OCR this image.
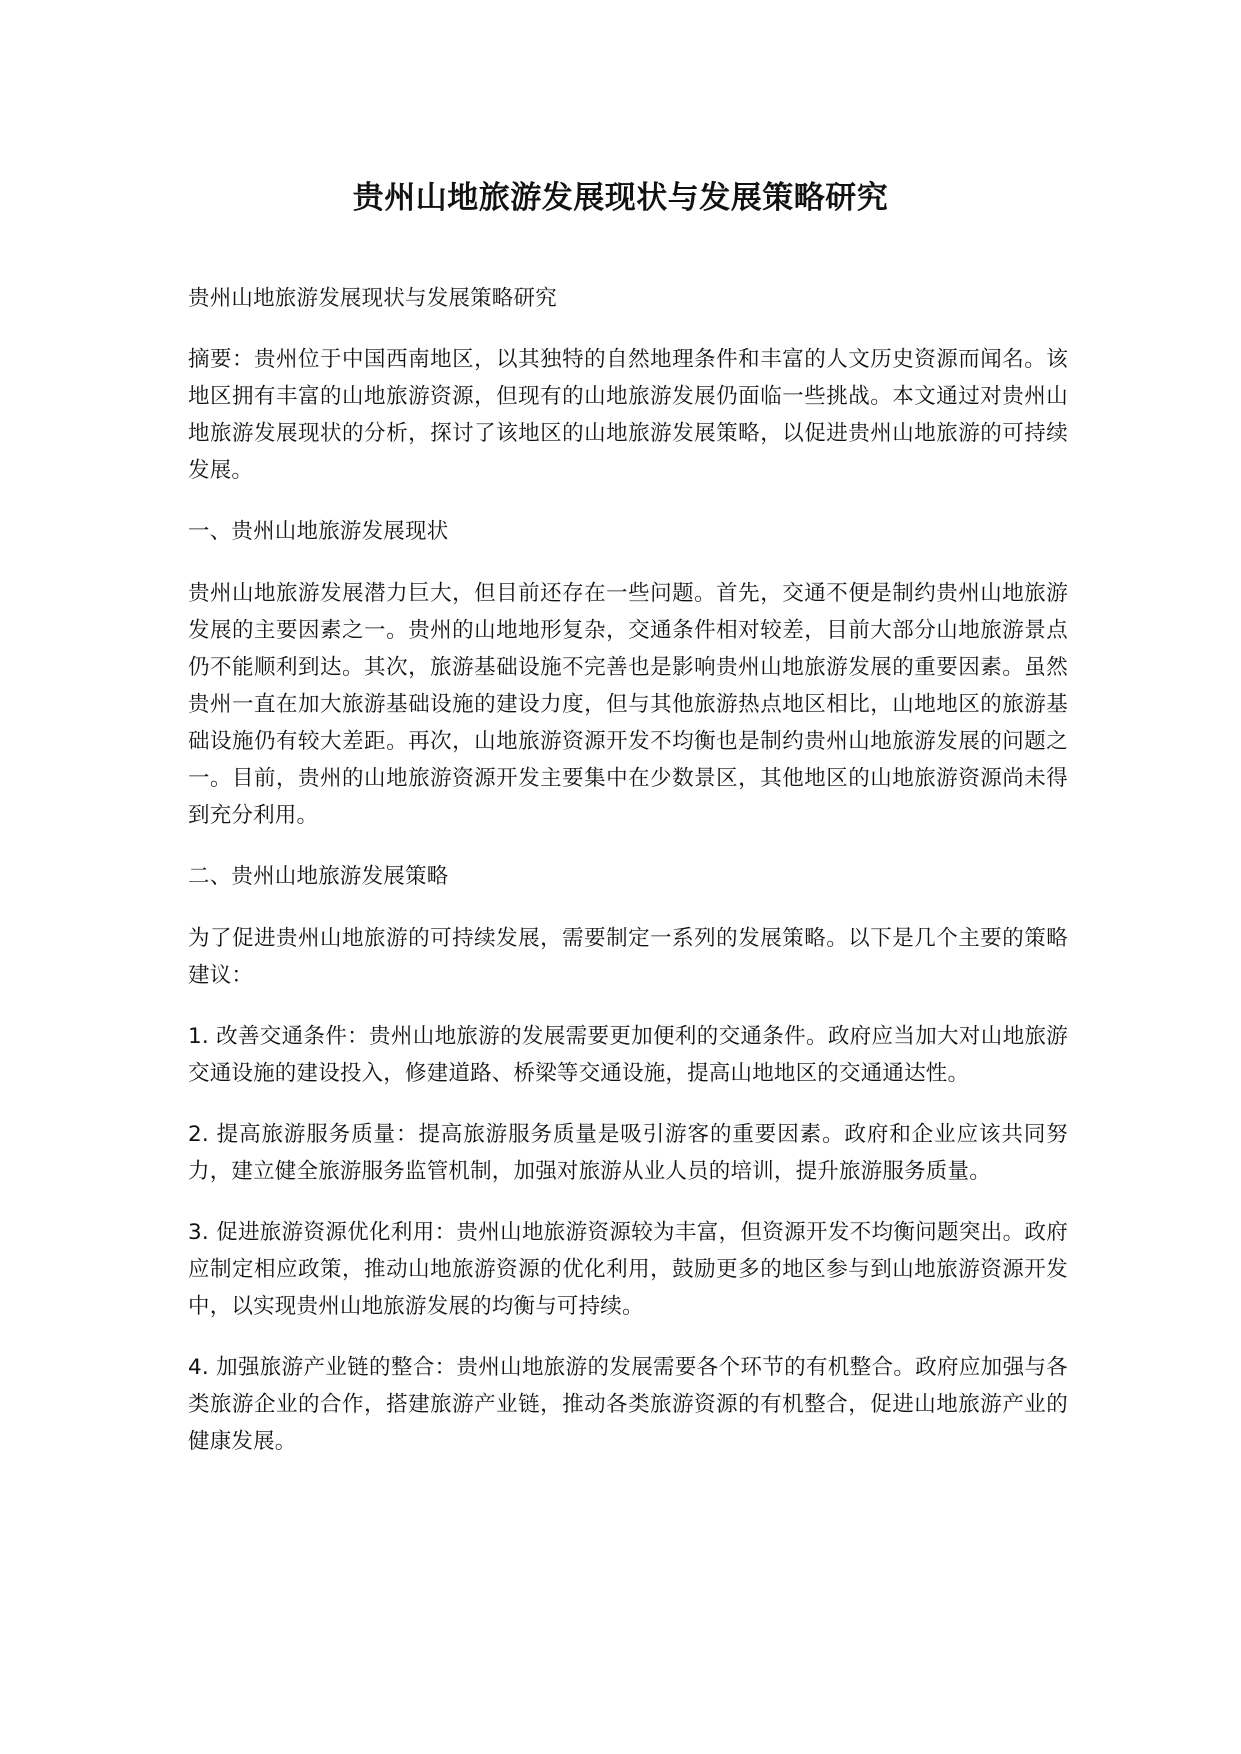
贵州山地旅游发展现状与发展策略研究

贵州山地旅游发展现状与发展策略研究

摘要：贵州位于中国西南地区，以其独特的自然地理条件和丰富的人文历史资源而闻名。该地区拥有丰富的山地旅游资源，但现有的山地旅游发展仍面临一些挑战。本文通过对贵州山地旅游发展现状的分析，探讨了该地区的山地旅游发展策略，以促进贵州山地旅游的可持续发展。

一、贵州山地旅游发展现状

贵州山地旅游发展潜力巨大，但目前还存在一些问题。首先，交通不便是制约贵州山地旅游发展的主要因素之一。贵州的山地地形复杂，交通条件相对较差，目前大部分山地旅游景点仍不能顺利到达。其次，旅游基础设施不完善也是影响贵州山地旅游发展的重要因素。虽然贵州一直在加大旅游基础设施的建设力度，但与其他旅游热点地区相比，山地地区的旅游基础设施仍有较大差距。再次，山地旅游资源开发不均衡也是制约贵州山地旅游发展的问题之一。目前，贵州的山地旅游资源开发主要集中在少数景区，其他地区的山地旅游资源尚未得到充分利用。

二、贵州山地旅游发展策略

为了促进贵州山地旅游的可持续发展，需要制定一系列的发展策略。以下是几个主要的策略建议：

1. 改善交通条件：贵州山地旅游的发展需要更加便利的交通条件。政府应当加大对山地旅游交通设施的建设投入，修建道路、桥梁等交通设施，提高山地地区的交通通达性。

2. 提高旅游服务质量：提高旅游服务质量是吸引游客的重要因素。政府和企业应该共同努力，建立健全旅游服务监管机制，加强对旅游从业人员的培训，提升旅游服务质量。

3. 促进旅游资源优化利用：贵州山地旅游资源较为丰富，但资源开发不均衡问题突出。政府应制定相应政策，推动山地旅游资源的优化利用，鼓励更多的地区参与到山地旅游资源开发中，以实现贵州山地旅游发展的均衡与可持续。

4. 加强旅游产业链的整合：贵州山地旅游的发展需要各个环节的有机整合。政府应加强与各类旅游企业的合作，搭建旅游产业链，推动各类旅游资源的有机整合，促进山地旅游产业的健康发展。
